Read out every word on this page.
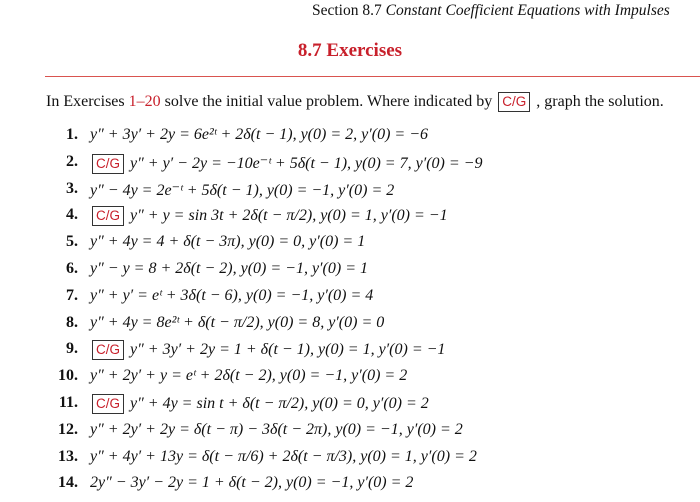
Section 8.7 Constant Coefficient Equations with Impulses
8.7 Exercises
In Exercises 1–20 solve the initial value problem. Where indicated by C/G , graph the solution.
1. y″ + 3y′ + 2y = 6e²ᵗ + 2δ(t − 1), y(0) = 2, y′(0) = −6
2.	C/G y″ + y′ − 2y = −10e⁻ᵗ + 5δ(t − 1), y(0) = 7, y′(0) = −9
3. y″ − 4y = 2e⁻ᵗ + 5δ(t − 1), y(0) = −1, y′(0) = 2
4.	C/G y″ + y = sin 3t + 2δ(t − π/2), y(0) = 1, y′(0) = −1
5. y″ + 4y = 4 + δ(t − 3π), y(0) = 0, y′(0) = 1
6. y″ − y = 8 + 2δ(t − 2), y(0) = −1, y′(0) = 1
7. y″ + y′ = eᵗ + 3δ(t − 6), y(0) = −1, y′(0) = 4
8. y″ + 4y = 8e²ᵗ + δ(t − π/2), y(0) = 8, y′(0) = 0
9.	C/G y″ + 3y′ + 2y = 1 + δ(t − 1), y(0) = 1, y′(0) = −1
10. y″ + 2y′ + y = eᵗ + 2δ(t − 2), y(0) = −1, y′(0) = 2
11.	C/G y″ + 4y = sin t + δ(t − π/2), y(0) = 0, y′(0) = 2
12. y″ + 2y′ + 2y = δ(t − π) − 3δ(t − 2π), y(0) = −1, y′(0) = 2
13. y″ + 4y′ + 13y = δ(t − π/6) + 2δ(t − π/3), y(0) = 1, y′(0) = 2
14. 2y″ − 3y′ − 2y = 1 + δ(t − 2), y(0) = −1, y′(0) = 2
